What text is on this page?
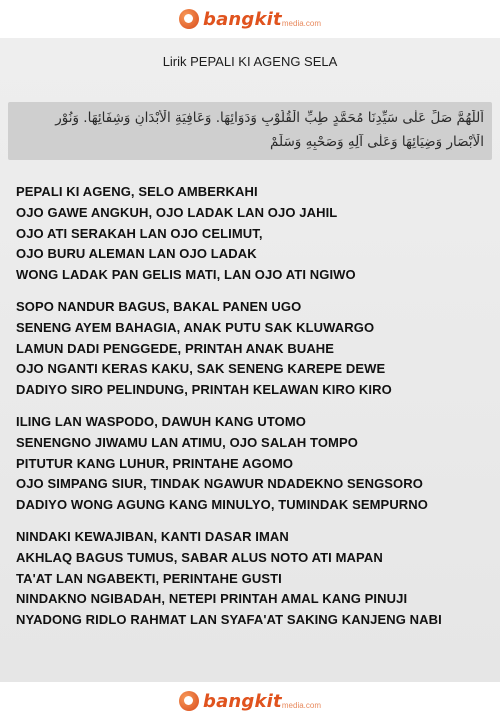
bangkit media.com
Lirik PEPALI KI AGENG SELA
اَللّٰهُمَّ صَلِّ عَلٰى سَيِّدِنَا مُحَمَّدٍ طِبِّ الْقُلُوْبِ وَدَوَائِهَا. وَعَافِيَةِ الْأَبْدَانِ وَشِفَائِهَا. وَنُوْرِ
الْأَبْصَارِ وَضِيَائِهَا وَعَلٰى آلِهِ وَصَحْبِهِ وَسَلِّمْ
PEPALI KI AGENG, SELO AMBERKAHI
OJO GAWE ANGKUH, OJO LADAK LAN OJO JAHIL
OJO ATI SERAKAH LAN OJO CELIMUT,
OJO BURU ALEMAN LAN OJO LADAK
WONG LADAK PAN GELIS MATI, LAN OJO ATI NGIWO
SOPO NANDUR BAGUS, BAKAL PANEN UGO
SENENG AYEM BAHAGIA, ANAK PUTU SAK KLUWARGO
LAMUN DADI PENGGEDE, PRINTAH ANAK BUAHE
OJO NGANTI KERAS KAKU, SAK SENENG KAREPE DEWE
DADIYO SIRO PELINDUNG, PRINTAH KELAWAN KIRO KIRO
ILING LAN WASPODO, DAWUH KANG UTOMO
SENENGNO JIWAMU LAN ATIMU, OJO SALAH TOMPO
PITUTUR KANG LUHUR, PRINTAHE AGOMO
OJO SIMPANG SIUR, TINDAK NGAWUR NDADEKNO SENGSORO
DADIYO WONG AGUNG KANG MINULYO, TUMINDAK SEMPURNO
NINDAKI KEWAJIBAN, KANTI DASAR IMAN
AKHLAQ BAGUS TUMUS, SABAR ALUS NOTO ATI MAPAN
TA'AT LAN NGABEKTI, PERINTAHE GUSTI
NINDAKNO NGIBADAH, NETEPI PRINTAH AMAL KANG PINUJI
NYADONG RIDLO RAHMAT LAN SYAFA'AT SAKING KANJENG NABI
bangkit media.com
